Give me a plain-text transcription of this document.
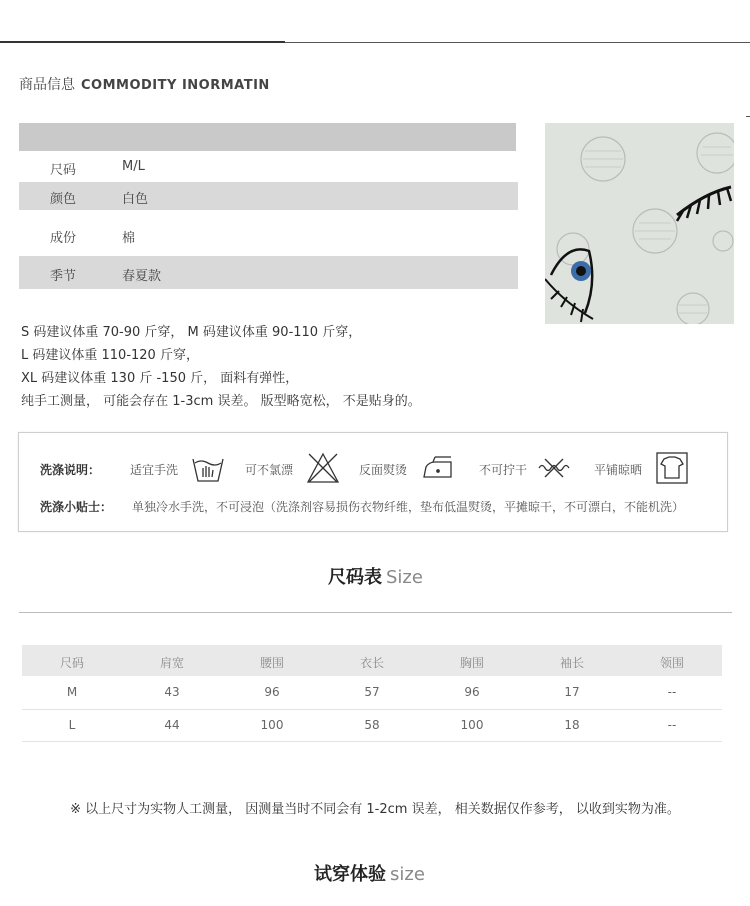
商品信息 COMMODITY INORMATIN
尺码	M/L
颜色	白色
成份	棉
季节	春夏款
S 码建议体重 70-90 斤穿， M 码建议体重 90-110 斤穿，
L 码建议体重 110-120 斤穿，
XL 码建议体重 130 斤 -150 斤， 面料有弹性，
纯手工测量， 可能会存在 1-3cm 误差。 版型略宽松， 不是贴身的。
洗涤说明： 适宜手洗	可不氯漂	反面熨烫	不可拧干	平铺晾晒
洗涤小贴士： 单独冷水手洗，不可浸泡（洗涤剂容易损伤衣物纤维，垫布低温熨烫，平摊晾干，不可漂白，不能机洗）
尺码表 Size
尺码	肩宽	腰围	衣长	胸围	袖长	领围
M	43	96	57	96	17	--
L	44	100	58	100	18	--
※ 以上尺寸为实物人工测量， 因测量当时不同会有 1-2cm 误差， 相关数据仅作参考， 以收到实物为准。
试穿体验 size
